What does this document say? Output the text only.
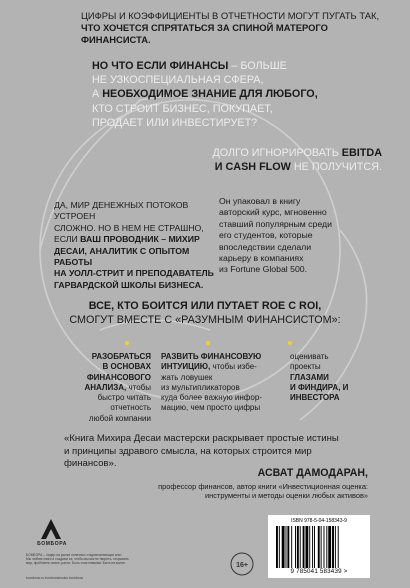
ЦИФРЫ И КОЭФФИЦИЕНТЫ В ОТЧЕТНОСТИ МОГУТ ПУГАТЬ ТАК,
ЧТО ХОЧЕТСЯ СПРЯТАТЬСЯ ЗА СПИНОЙ МАТЕРОГО ФИНАНСИСТА.
НО ЧТО ЕСЛИ ФИНАНСЫ – БОЛЬШЕ
НЕ УЗКОСПЕЦИАЛЬНАЯ СФЕРА,
А НЕОБХОДИМОЕ ЗНАНИЕ ДЛЯ ЛЮБОГО,
КТО СТРОИТ БИЗНЕС, ПОКУПАЕТ,
ПРОДАЕТ ИЛИ ИНВЕСТИРУЕТ?
ДОЛГО ИГНОРИРОВАТЬ EBITDA
И CASH FLOW НЕ ПОЛУЧИТСЯ.
ДА, МИР ДЕНЕЖНЫХ ПОТОКОВ УСТРОЕН
СЛОЖНО. НО В НЕМ НЕ СТРАШНО,
ЕСЛИ ВАШ ПРОВОДНИК – МИХИР
ДЕСАИ, АНАЛИТИК С ОПЫТОМ РАБОТЫ
НА УОЛЛ-СТРИТ И ПРЕПОДАВАТЕЛЬ
ГАРВАРДСКОЙ ШКОЛЫ БИЗНЕСА.
Он упаковал в книгу
авторский курс, мгновенно
ставший популярным среди
его студентов, которые
впоследствии сделали
карьеру в компаниях
из Fortune Global 500.
ВСЕ, КТО БОИТСЯ ИЛИ ПУТАЕТ ROE С ROI,
СМОГУТ ВМЕСТЕ С «РАЗУМНЫМ ФИНАНСИСТОМ»:
РАЗОБРАТЬСЯ
В ОСНОВАХ ФИНАНСОВОГО
АНАЛИЗА, чтобы
быстро читать отчетность
любой компании
РАЗВИТЬ ФИНАНСОВУЮ
ИНТУИЦИЮ, чтобы избе-
жать ловушек
из мультипликаторов
куда более важную инфор-
мацию, чем просто цифры
оценивать
проекты
ГЛАЗАМИ
И ФИНДИРА, И ИНВЕСТОРА
«Книга Михира Десаи мастерски раскрывает простые истины
и принципы здравого смысла, на которых строится мир финансов».
АСВАТ ДАМОДАРАН,
профессор финансов, автор книги «Инвестиционная оценка:
инструменты и методы оценки любых активов»
БОМБОРА
БОМБОРА – лидер на рынке полезных и вдохновляющих книг.
Мы любим книги и создаем их, чтобы вы могли творить, открывать
мир, пробовать новое, расти. Быть счастливыми. Быть на волне.
bombora.ru bomborabooks bombora
16+
ISBN 978-5-04-158343-9
9 785041 583439 >
